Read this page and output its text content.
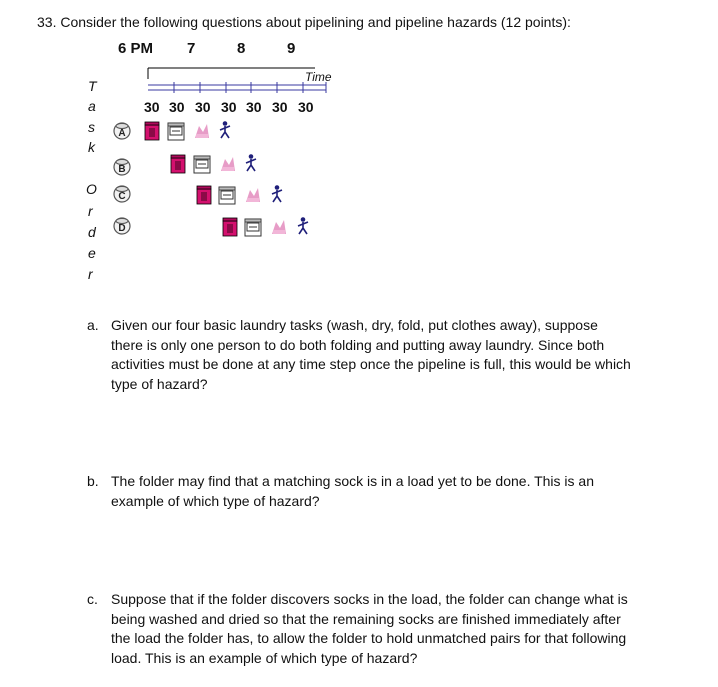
33. Consider the following questions about pipelining and pipeline hazards (12 points):
6 PM 7	8	9
Time
30 30 30 30 30 30 30
T
a
s
k
O
r
d
e
r
A
B
C
D
a. Given our four basic laundry tasks (wash, dry, fold, put clothes away), suppose there is only one person to do both folding and putting away laundry. Since both activities must be done at any time step once the pipeline is full, this would be which type of hazard?
b. The folder may find that a matching sock is in a load yet to be done. This is an example of which type of hazard?
c. Suppose that if the folder discovers socks in the load, the folder can change what is being washed and dried so that the remaining socks are finished immediately after the load the folder has, to allow the folder to hold unmatched pairs for that following load. This is an example of which type of hazard?
